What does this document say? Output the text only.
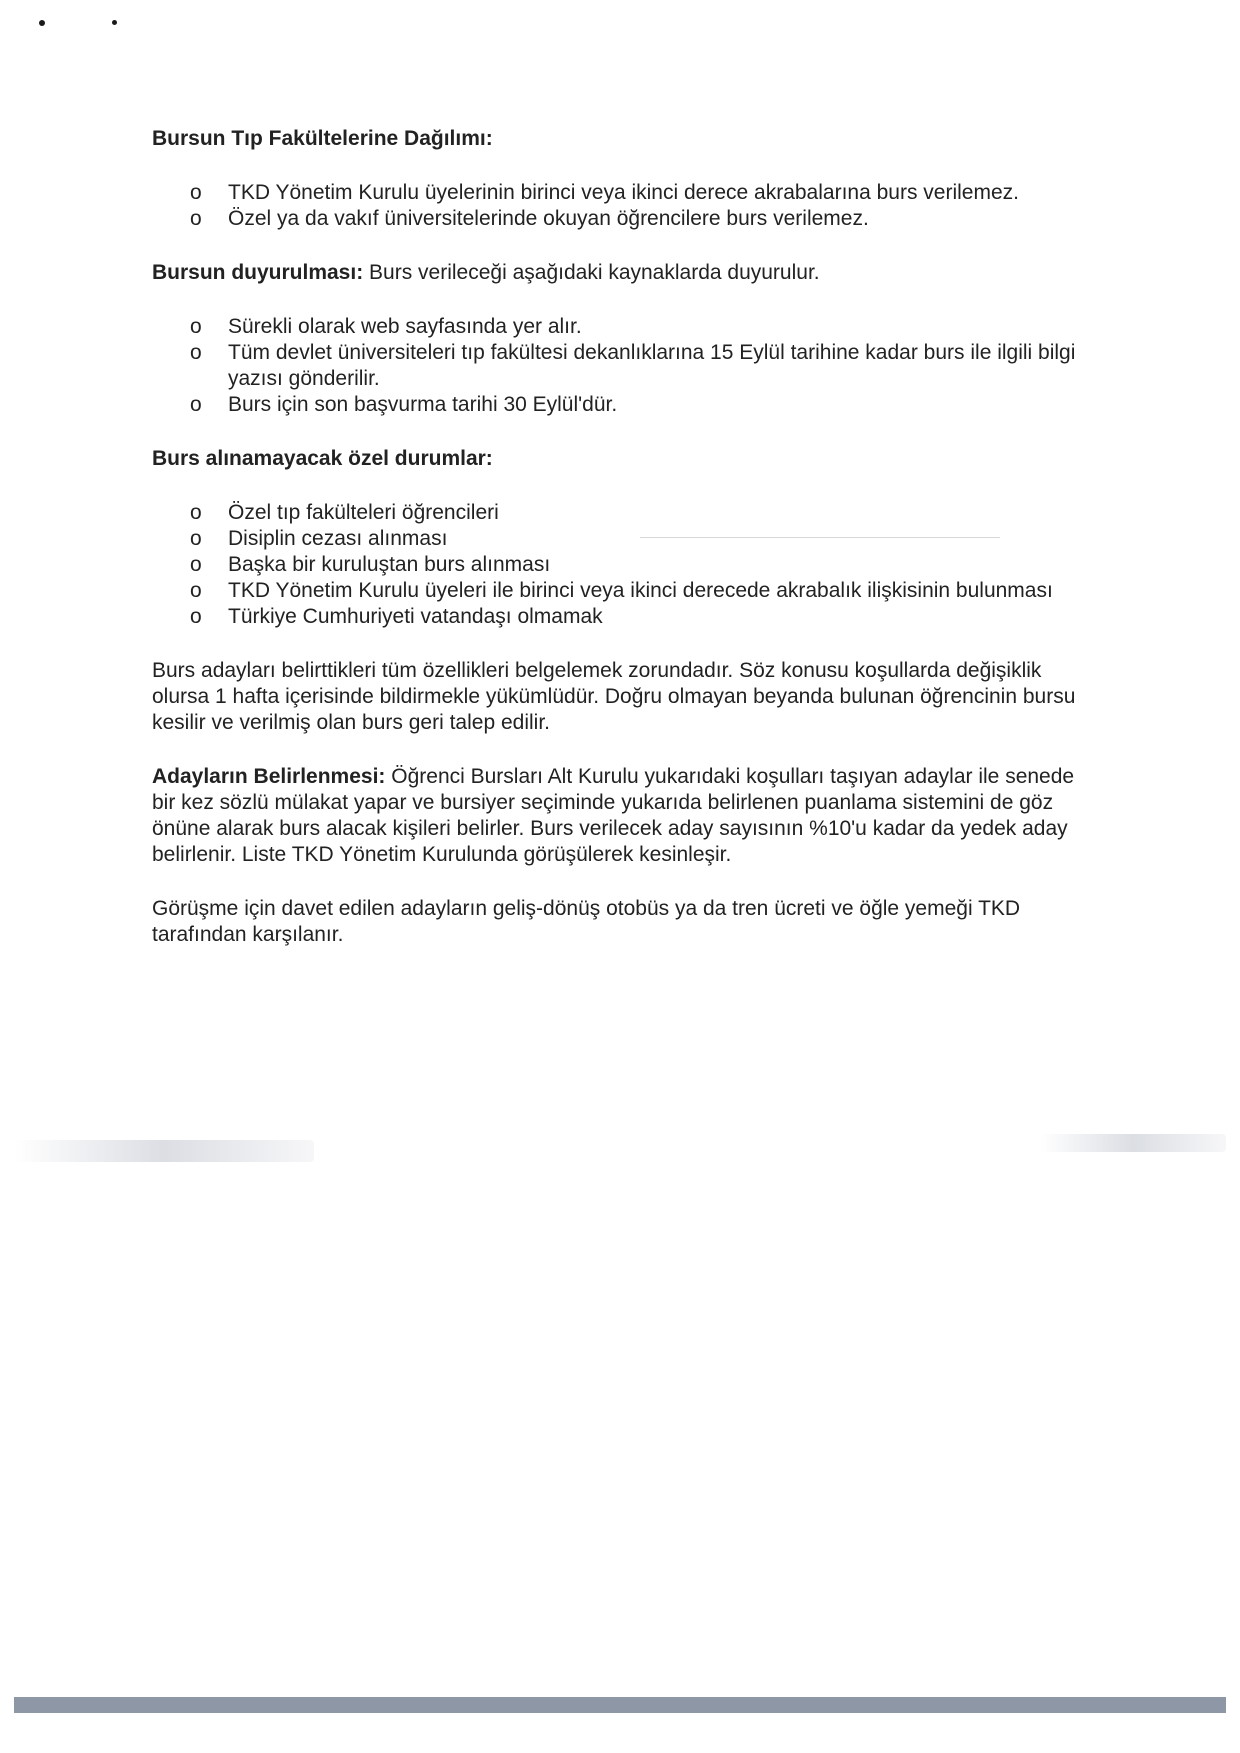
Bursun Tıp Fakültelerine Dağılımı:
o TKD Yönetim Kurulu üyelerinin birinci veya ikinci derece akrabalarına burs verilemez.
o Özel ya da vakıf üniversitelerinde okuyan öğrencilere burs verilemez.
Bursun duyurulması: Burs verileceği aşağıdaki kaynaklarda duyurulur.
o Sürekli olarak web sayfasında yer alır.
o Tüm devlet üniversiteleri tıp fakültesi dekanlıklarına 15 Eylül tarihine kadar burs ile ilgili bilgi yazısı gönderilir.
o Burs için son başvurma tarihi 30 Eylül'dür.
Burs alınamayacak özel durumlar:
o Özel tıp fakülteleri öğrencileri
o Disiplin cezası alınması
o Başka bir kuruluştan burs alınması
o TKD Yönetim Kurulu üyeleri ile birinci veya ikinci derecede akrabalık ilişkisinin bulunması
o Türkiye Cumhuriyeti vatandaşı olmamak
Burs adayları belirttikleri tüm özellikleri belgelemek zorundadır. Söz konusu koşullarda değişiklik olursa 1 hafta içerisinde bildirmekle yükümlüdür. Doğru olmayan beyanda bulunan öğrencinin bursu kesilir ve verilmiş olan burs geri talep edilir.
Adayların Belirlenmesi: Öğrenci Bursları Alt Kurulu yukarıdaki koşulları taşıyan adaylar ile senede bir kez sözlü mülakat yapar ve bursiyer seçiminde yukarıda belirlenen puanlama sistemini de göz önüne alarak burs alacak kişileri belirler. Burs verilecek aday sayısının %10'u kadar da yedek aday belirlenir. Liste TKD Yönetim Kurulunda görüşülerek kesinleşir.
Görüşme için davet edilen adayların geliş-dönüş otobüs ya da tren ücreti ve öğle yemeği TKD tarafından karşılanır.
